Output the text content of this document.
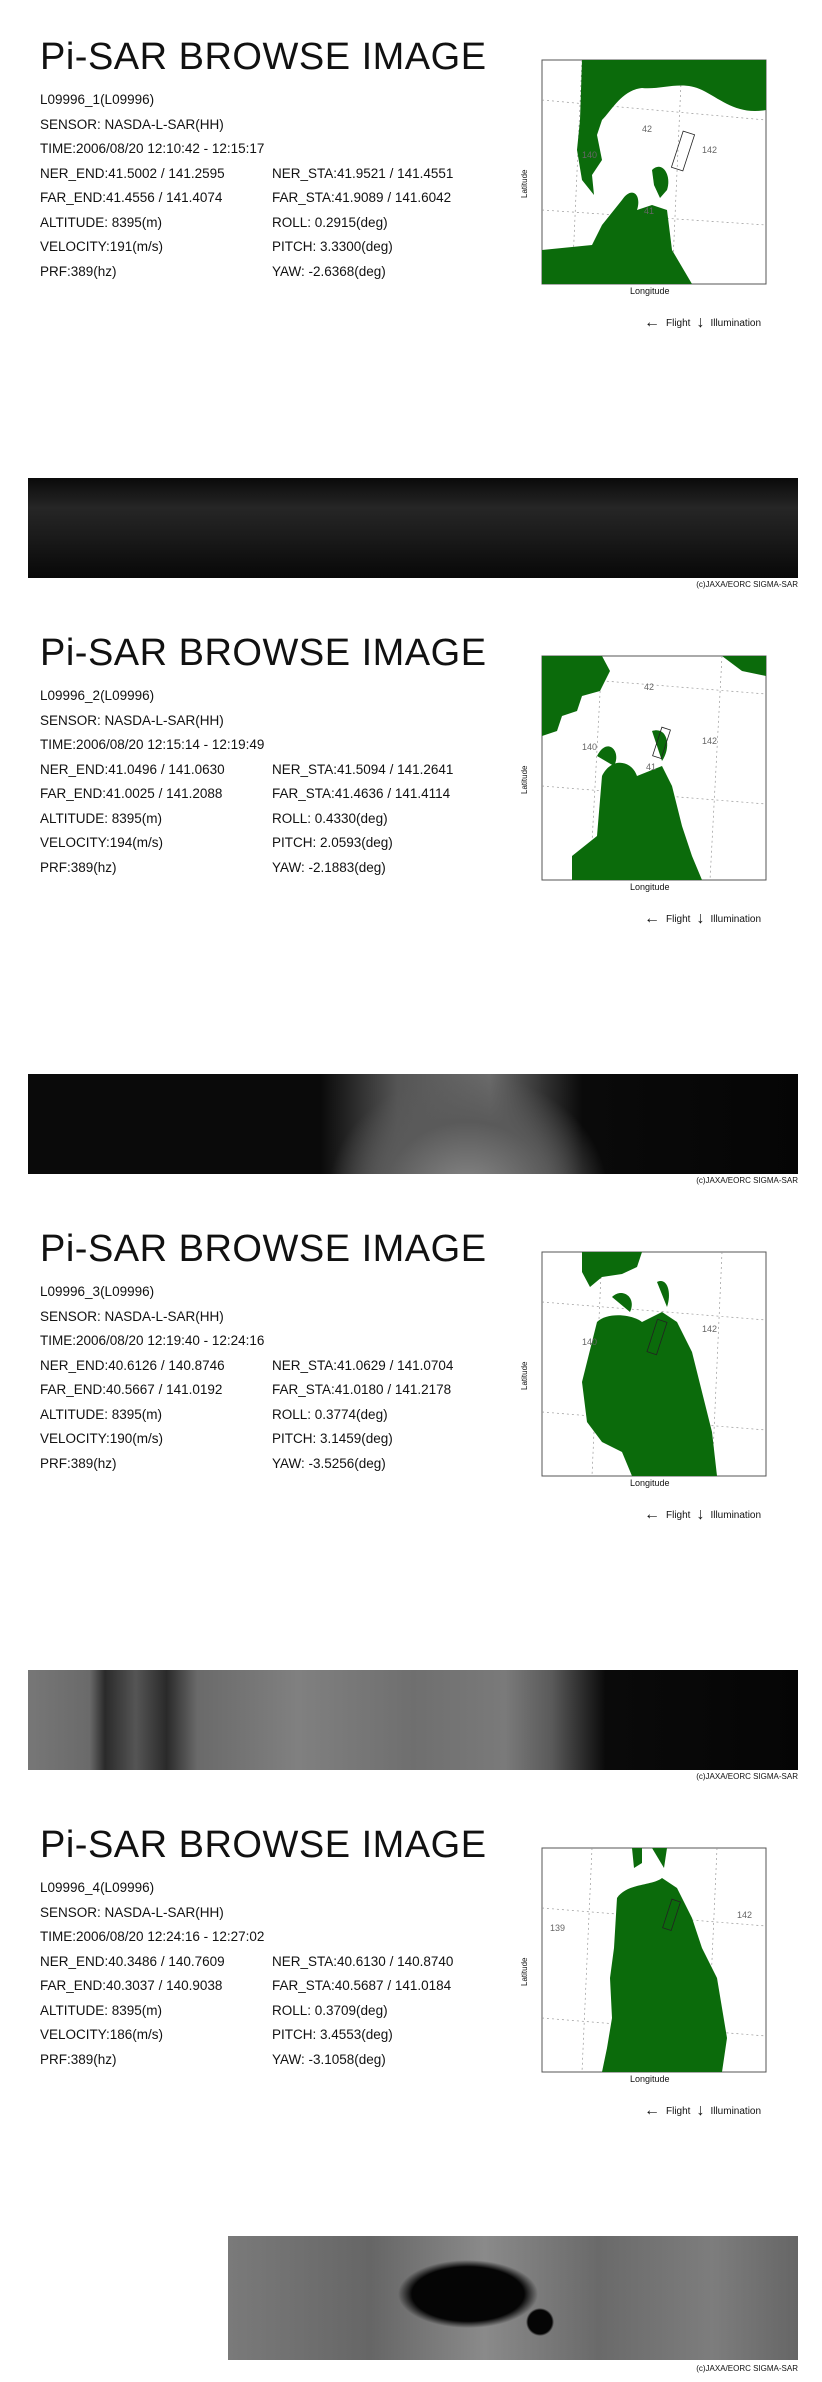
Pi-SAR BROWSE IMAGE
L09996_1(L09996)
SENSOR: NASDA-L-SAR(HH)
TIME:2006/08/20 12:10:42 - 12:15:17
NER_END:41.5002 / 141.2595	NER_STA:41.9521 / 141.4551
FAR_END:41.4556 / 141.4074	FAR_STA:41.9089 / 141.6042
ALTITUDE: 8395(m)	ROLL: 0.2915(deg)
VELOCITY:191(m/s)	PITCH: 3.3300(deg)
PRF:389(hz)	YAW: -2.6368(deg)
140	142
42
41
Latitude
Longitude
← Flight ↓ Illumination
(c)JAXA/EORC SIGMA-SAR
Pi-SAR BROWSE IMAGE
L09996_2(L09996)
SENSOR: NASDA-L-SAR(HH)
TIME:2006/08/20 12:15:14 - 12:19:49
NER_END:41.0496 / 141.0630	NER_STA:41.5094 / 141.2641
FAR_END:41.0025 / 141.2088	FAR_STA:41.4636 / 141.4114
ALTITUDE: 8395(m)	ROLL: 0.4330(deg)
VELOCITY:194(m/s)	PITCH: 2.0593(deg)
PRF:389(hz)	YAW: -2.1883(deg)
140
142
42
41
Latitude
Longitude
← Flight ↓ Illumination
(c)JAXA/EORC SIGMA-SAR
Pi-SAR BROWSE IMAGE
L09996_3(L09996)
SENSOR: NASDA-L-SAR(HH)
TIME:2006/08/20 12:19:40 - 12:24:16
NER_END:40.6126 / 140.8746	NER_STA:41.0629 / 141.0704
FAR_END:40.5667 / 141.0192	FAR_STA:41.0180 / 141.2178
ALTITUDE: 8395(m)	ROLL: 0.3774(deg)
VELOCITY:190(m/s)	PITCH: 3.1459(deg)
PRF:389(hz)	YAW: -3.5256(deg)
140
142
Latitude
Longitude
← Flight ↓ Illumination
(c)JAXA/EORC SIGMA-SAR
Pi-SAR BROWSE IMAGE
L09996_4(L09996)
SENSOR: NASDA-L-SAR(HH)
TIME:2006/08/20 12:24:16 - 12:27:02
NER_END:40.3486 / 140.7609	NER_STA:40.6130 / 140.8740
FAR_END:40.3037 / 140.9038	FAR_STA:40.5687 / 141.0184
ALTITUDE: 8395(m)	ROLL: 0.3709(deg)
VELOCITY:186(m/s)	PITCH: 3.4553(deg)
PRF:389(hz)	YAW: -3.1058(deg)
139
142
Latitude
Longitude
← Flight ↓ Illumination
(c)JAXA/EORC SIGMA-SAR
